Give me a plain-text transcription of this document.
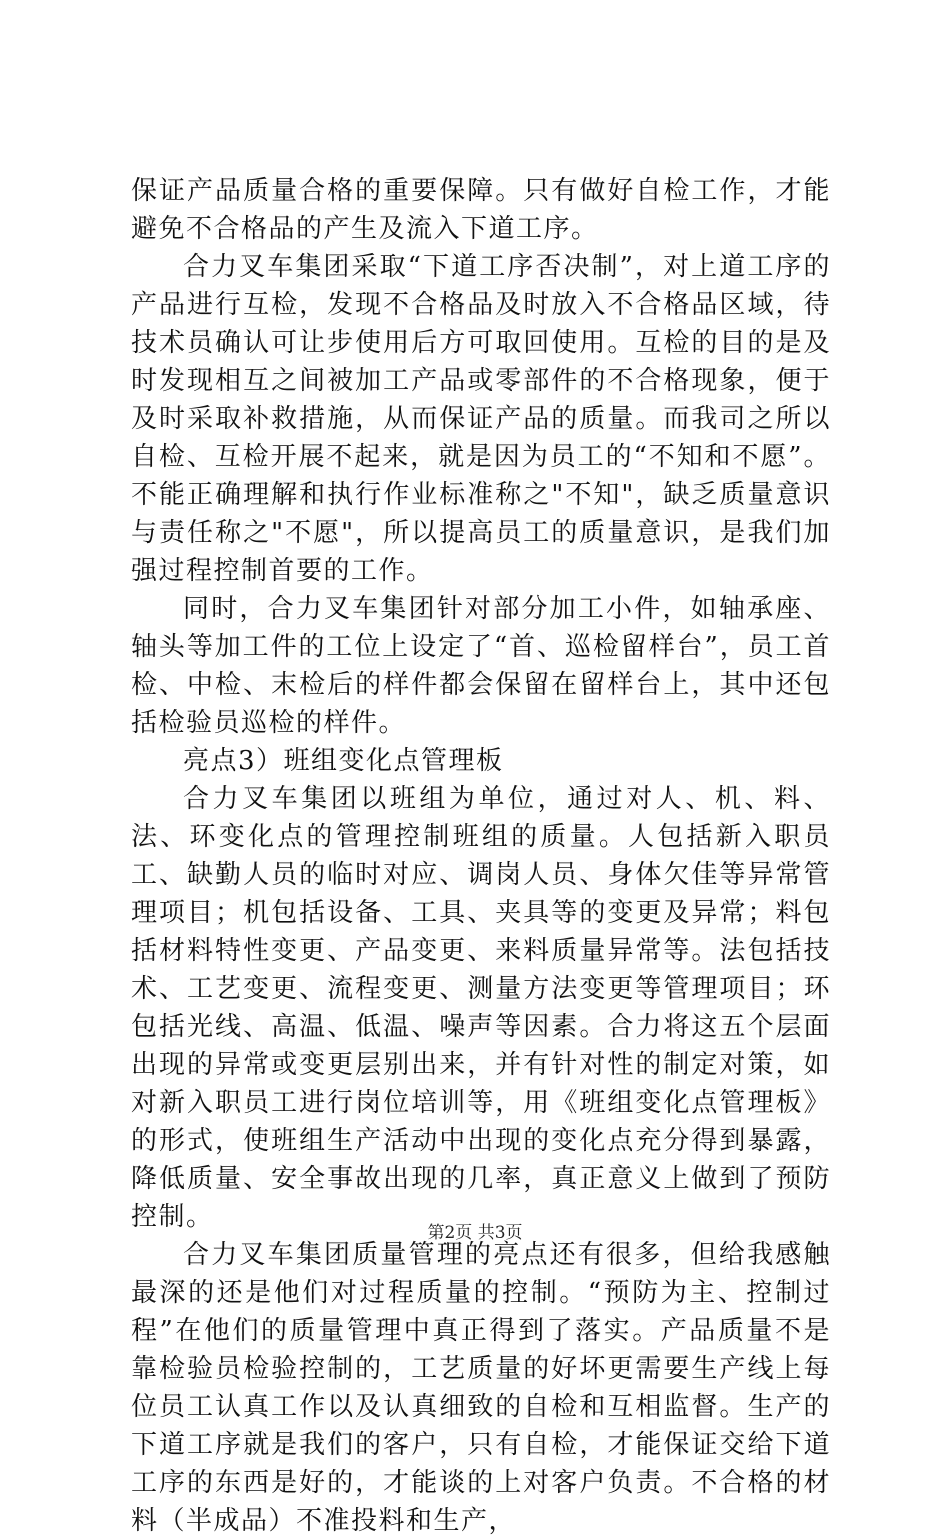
保证产品质量合格的重要保障。只有做好自检工作，才能避免不合格品的产生及流入下道工序。

合力叉车集团采取“下道工序否决制”，对上道工序的产品进行互检，发现不合格品及时放入不合格品区域，待技术员确认可让步使用后方可取回使用。互检的目的是及时发现相互之间被加工产品或零部件的不合格现象，便于及时采取补救措施，从而保证产品的质量。而我司之所以自检、互检开展不起来，就是因为员工的“不知和不愿”。不能正确理解和执行作业标准称之"不知"，缺乏质量意识与责任称之"不愿"，所以提高员工的质量意识，是我们加强过程控制首要的工作。

同时，合力叉车集团针对部分加工小件，如轴承座、轴头等加工件的工位上设定了“首、巡检留样台”，员工首检、中检、末检后的样件都会保留在留样台上，其中还包括检验员巡检的样件。

亮点3）班组变化点管理板

合力叉车集团以班组为单位，通过对人、机、料、法、环变化点的管理控制班组的质量。人包括新入职员工、缺勤人员的临时对应、调岗人员、身体欠佳等异常管理项目；机包括设备、工具、夹具等的变更及异常；料包括材料特性变更、产品变更、来料质量异常等。法包括技术、工艺变更、流程变更、测量方法变更等管理项目；环包括光线、高温、低温、噪声等因素。合力将这五个层面出现的异常或变更层别出来，并有针对性的制定对策，如对新入职员工进行岗位培训等，用《班组变化点管理板》的形式，使班组生产活动中出现的变化点充分得到暴露，降低质量、安全事故出现的几率，真正意义上做到了预防控制。

合力叉车集团质量管理的亮点还有很多，但给我感触最深的还是他们对过程质量的控制。“预防为主、控制过程”在他们的质量管理中真正得到了落实。产品质量不是靠检验员检验控制的，工艺质量的好坏更需要生产线上每位员工认真工作以及认真细致的自检和互相监督。生产的下道工序就是我们的客户，只有自检，才能保证交给下道工序的东西是好的，才能谈的上对客户负责。不合格的材料（半成品）不准投料和生产，

第2页 共3页
